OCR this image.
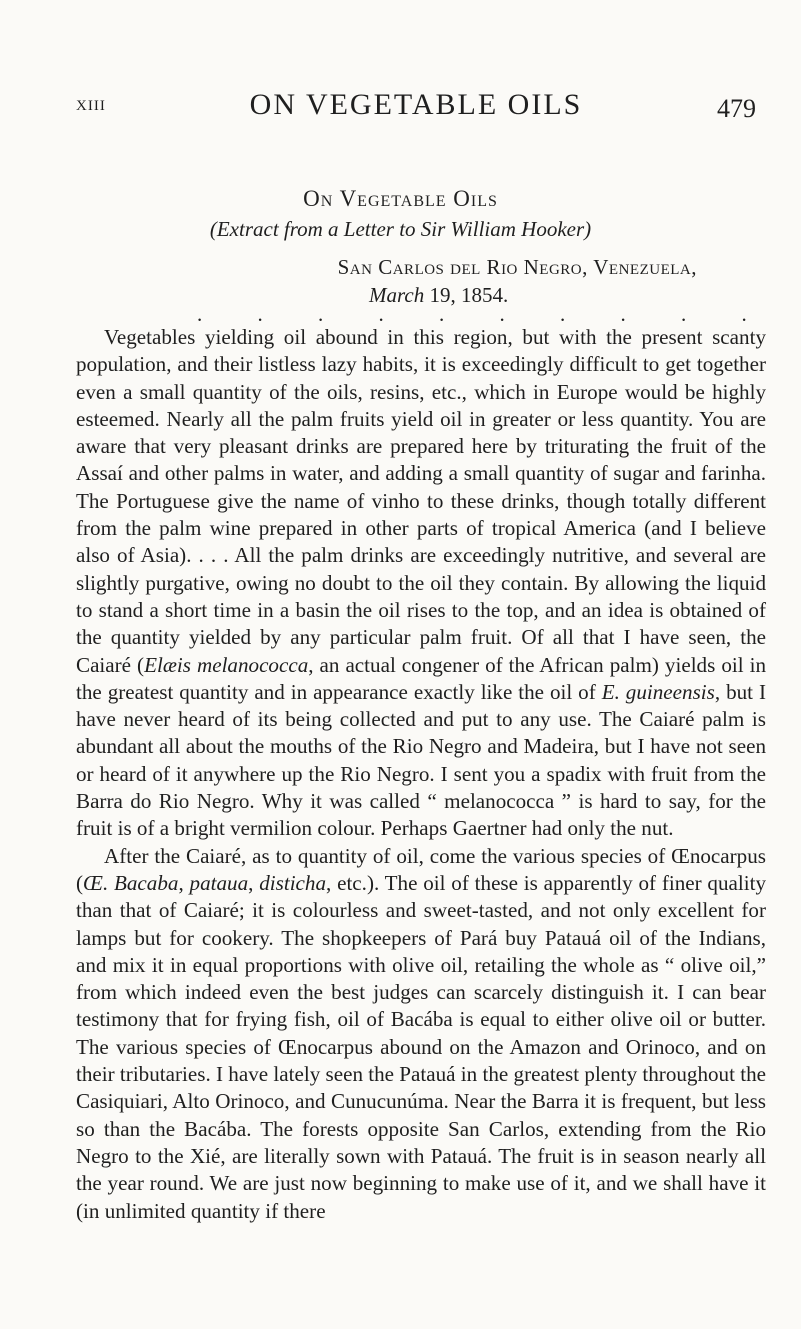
XIII	ON VEGETABLE OILS	479
On Vegetable Oils
(Extract from a Letter to Sir William Hooker)
San Carlos del Rio Negro, Venezuela,
March 19, 1854.
. . . . . . . . . .

Vegetables yielding oil abound in this region, but with the present scanty population, and their listless lazy habits, it is exceedingly difficult to get together even a small quantity of the oils, resins, etc., which in Europe would be highly esteemed. Nearly all the palm fruits yield oil in greater or less quantity. You are aware that very pleasant drinks are prepared here by triturating the fruit of the Assaí and other palms in water, and adding a small quantity of sugar and farinha. The Portuguese give the name of vinho to these drinks, though totally different from the palm wine prepared in other parts of tropical America (and I believe also of Asia). . . . All the palm drinks are exceedingly nutritive, and several are slightly purgative, owing no doubt to the oil they contain. By allowing the liquid to stand a short time in a basin the oil rises to the top, and an idea is obtained of the quantity yielded by any particular palm fruit. Of all that I have seen, the Caiaré (Elæis melanococca, an actual congener of the African palm) yields oil in the greatest quantity and in appearance exactly like the oil of E. guineensis, but I have never heard of its being collected and put to any use. The Caiaré palm is abundant all about the mouths of the Rio Negro and Madeira, but I have not seen or heard of it anywhere up the Rio Negro. I sent you a spadix with fruit from the Barra do Rio Negro. Why it was called “ melanococca ” is hard to say, for the fruit is of a bright vermilion colour. Perhaps Gaertner had only the nut.

After the Caiaré, as to quantity of oil, come the various species of Œnocarpus (Œ. Bacaba, pataua, disticha, etc.). The oil of these is apparently of finer quality than that of Caiaré; it is colourless and sweet-tasted, and not only excellent for lamps but for cookery. The shopkeepers of Pará buy Patauá oil of the Indians, and mix it in equal proportions with olive oil, retailing the whole as “ olive oil,” from which indeed even the best judges can scarcely distinguish it. I can bear testimony that for frying fish, oil of Bacába is equal to either olive oil or butter. The various species of Œnocarpus abound on the Amazon and Orinoco, and on their tributaries. I have lately seen the Patauá in the greatest plenty throughout the Casiquiari, Alto Orinoco, and Cunucunúma. Near the Barra it is frequent, but less so than the Bacába. The forests opposite San Carlos, extending from the Rio Negro to the Xié, are literally sown with Patauá. The fruit is in season nearly all the year round. We are just now beginning to make use of it, and we shall have it (in unlimited quantity if there
